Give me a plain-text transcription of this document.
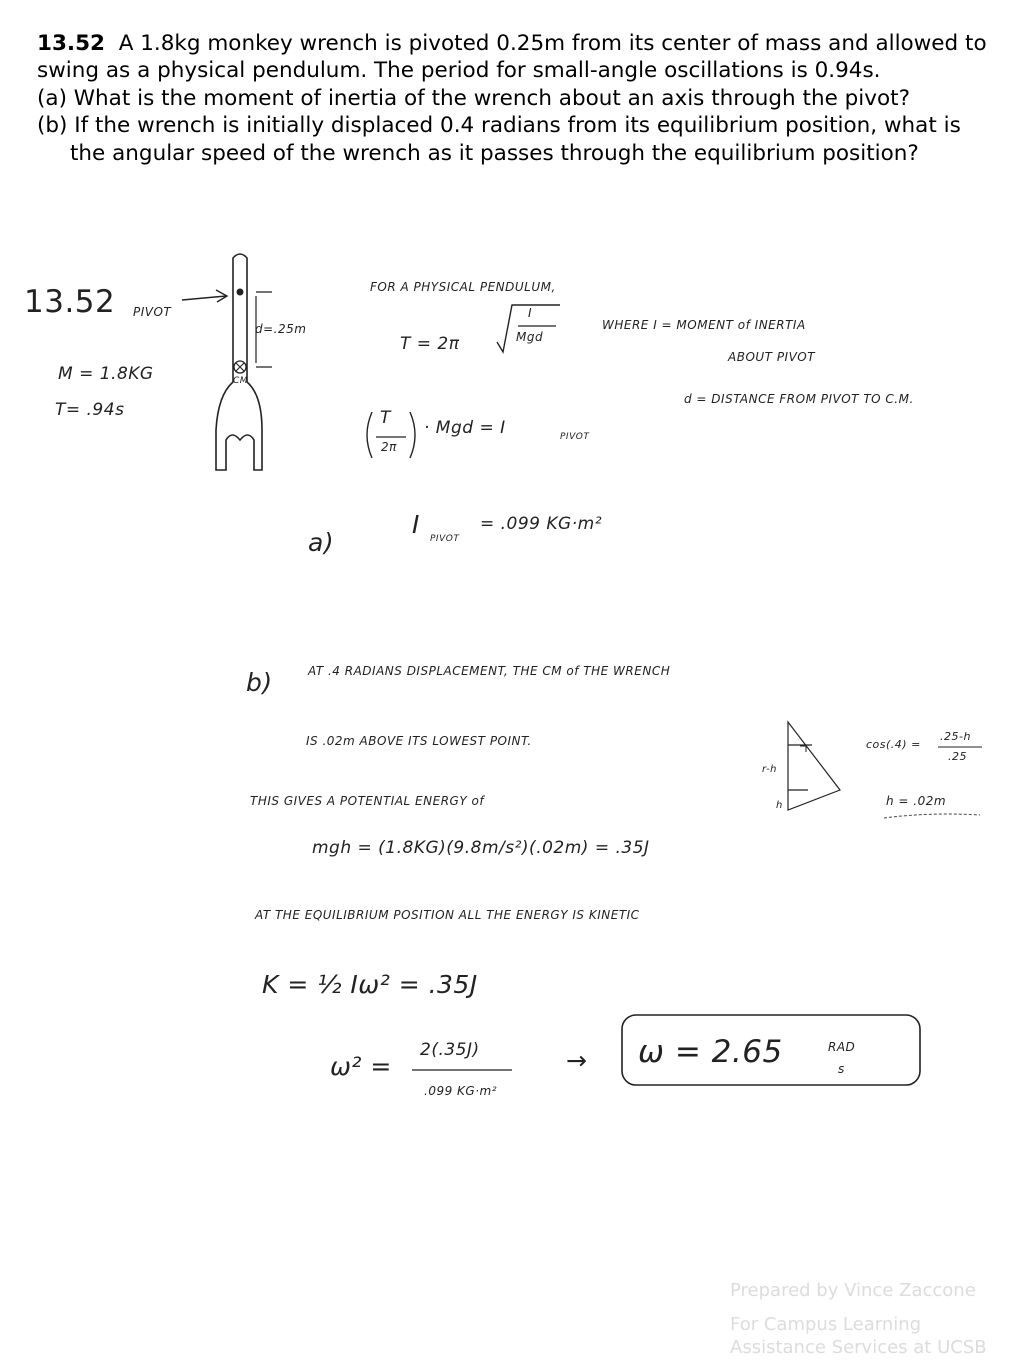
13.52 A 1.8kg monkey wrench is pivoted 0.25m from its center of mass and allowed to swing as a physical pendulum. The period for small-angle oscillations is 0.94s.

(a) What is the moment of inertia of the wrench about an axis through the pivot?

(b) If the wrench is initially displaced 0.4 radians from its equilibrium position, what is the angular speed of the wrench as it passes through the equilibrium position?

13.52 PIVOT
d=.25m
CM
M = 1.8KG
T= .94s
FOR A PHYSICAL PENDULUM,
T = 2π
I
Mgd
WHERE I = MOMENT of INERTIA
ABOUT PIVOT
d = DISTANCE FROM PIVOT TO C.M.
T
2π
· Mgd = I	PIVOT
a)
I PIVOT
= .099 KG·m²
b)	AT .4 RADIANS DISPLACEMENT, THE CM of THE WRENCH
IS .02m ABOVE ITS LOWEST POINT.
r-h
h
cos(.4) =
.25-h
.25
h = .02m
THIS GIVES A POTENTIAL ENERGY of
mgh = (1.8KG)(9.8m/s²)(.02m) = .35J
AT THE EQUILIBRIUM POSITION ALL THE ENERGY IS KINETIC
K = ½ Iω² = .35J
ω² =
2(.35J)
.099 KG·m²
→ ω = 2.65	RAD
s
Prepared by Vince Zaccone
For Campus Learning
Assistance Services at UCSB
